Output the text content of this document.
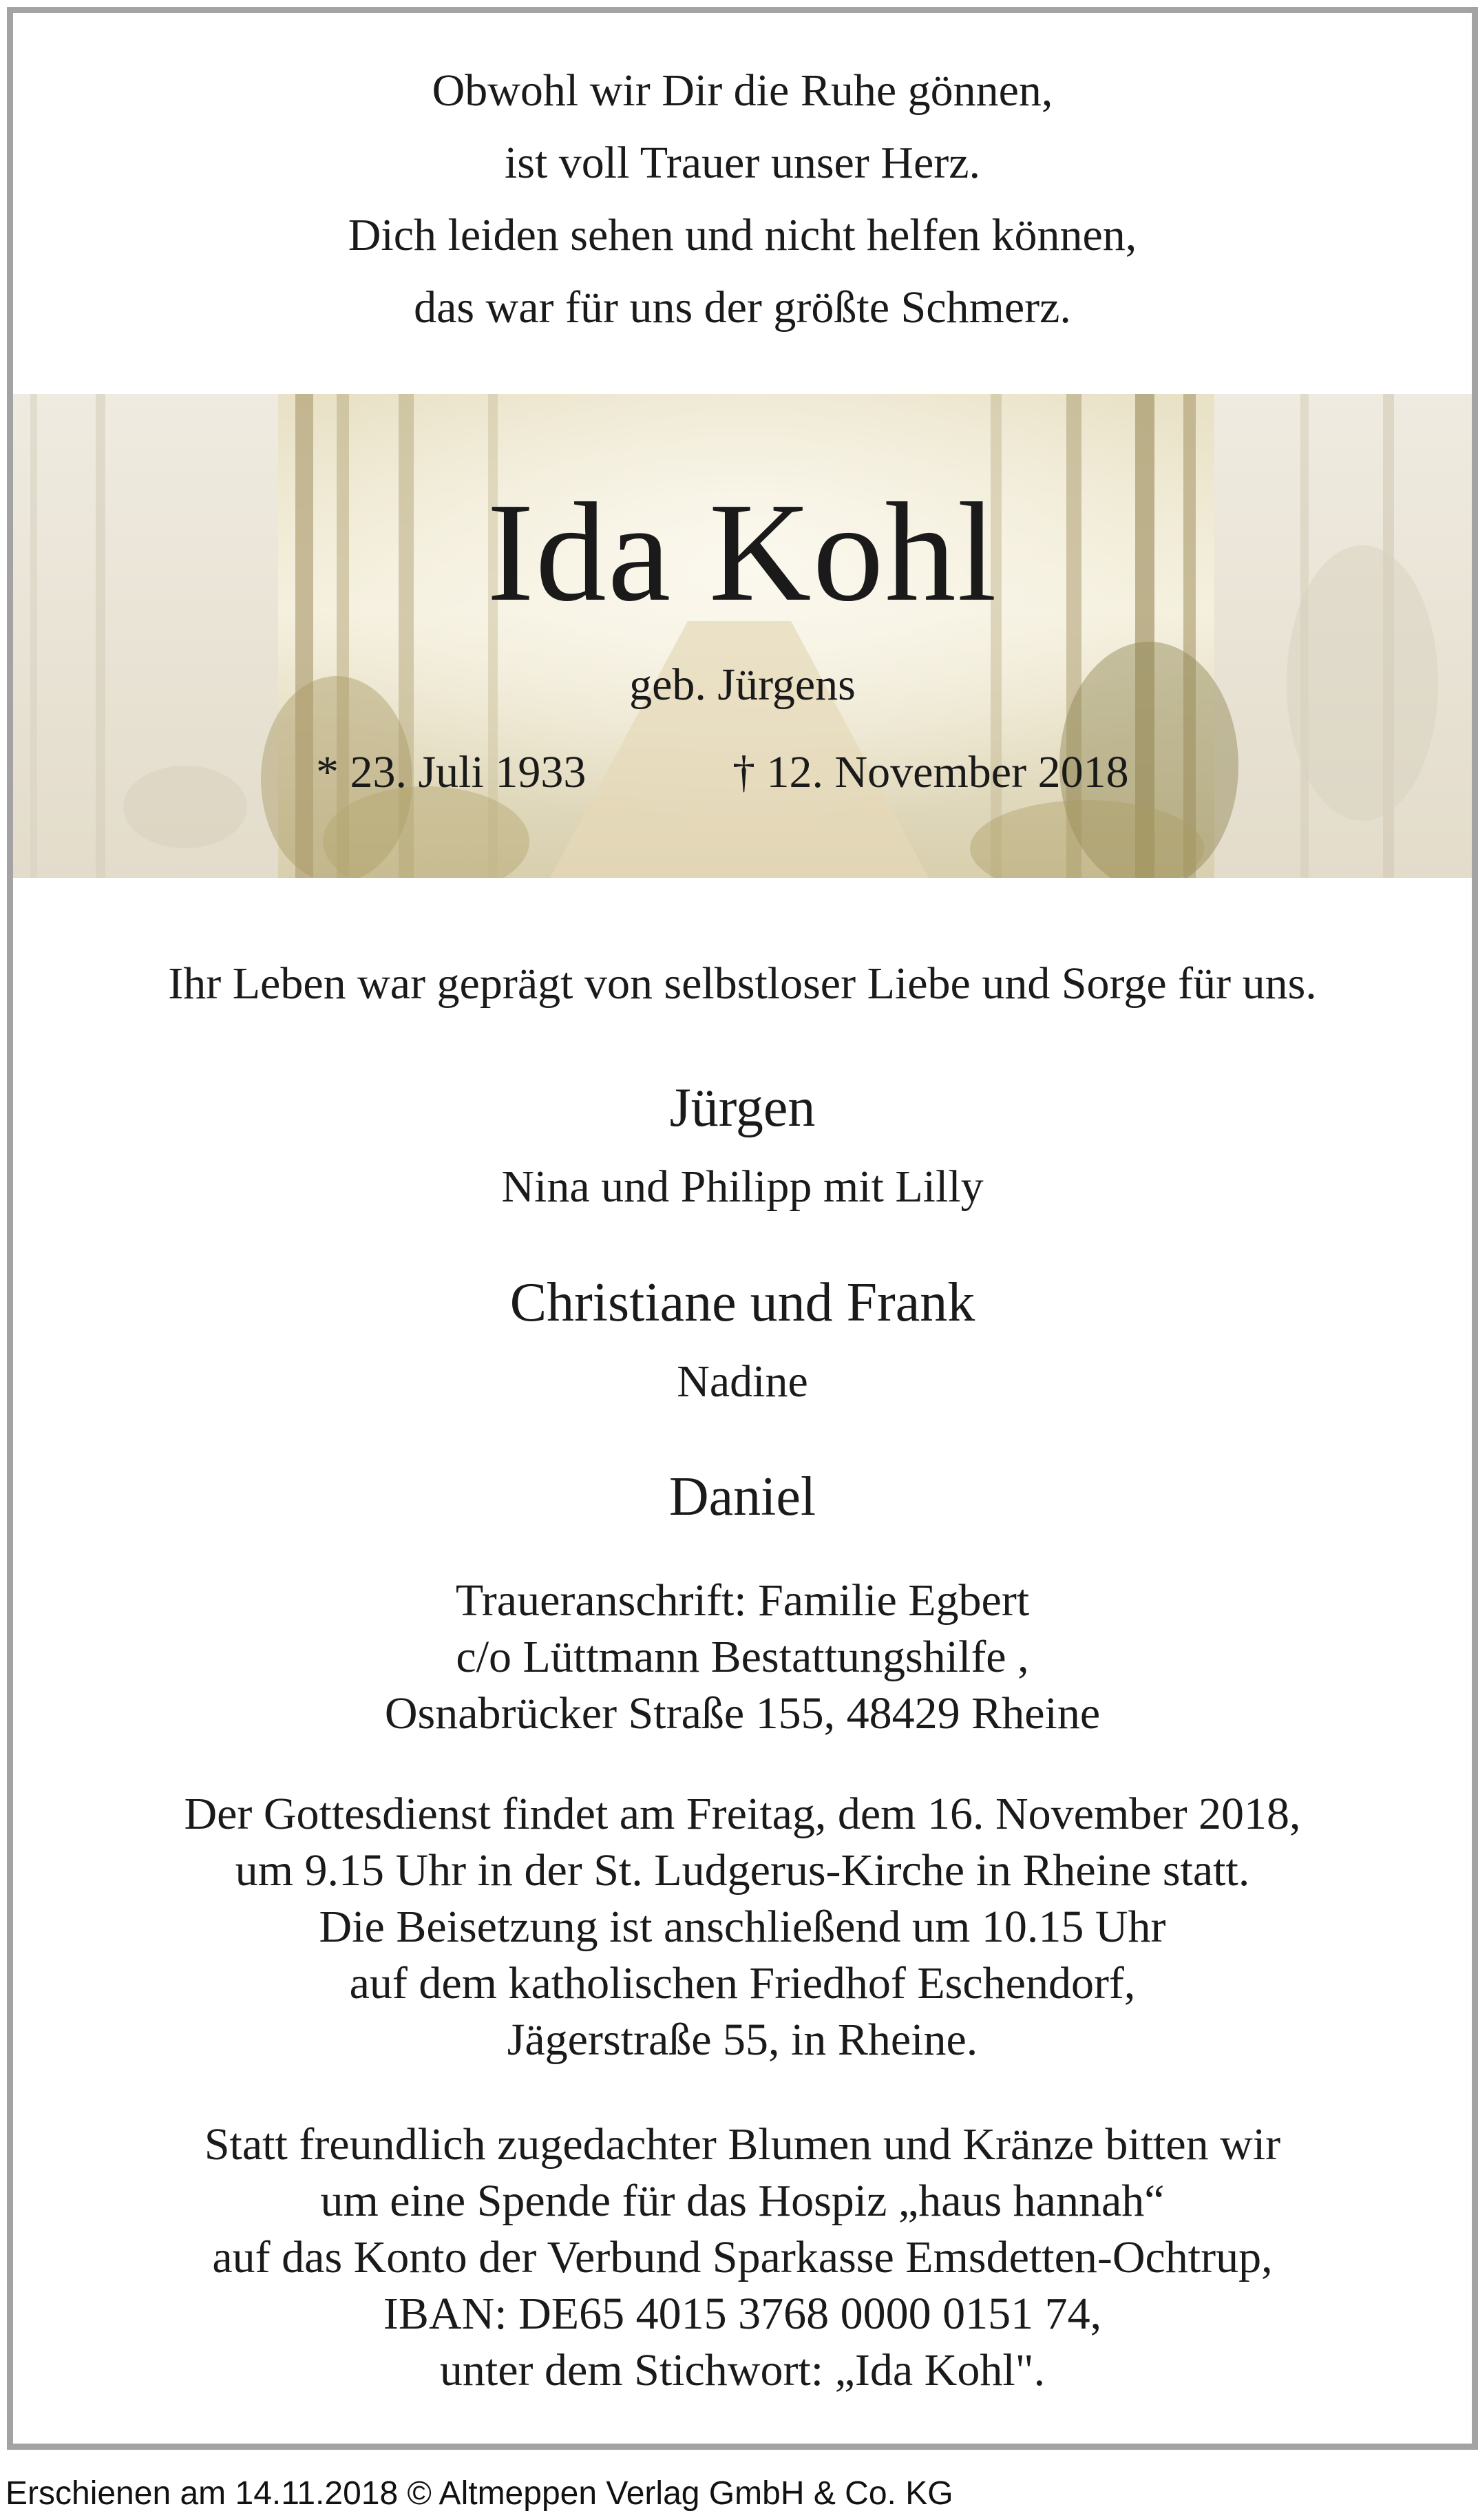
Obwohl wir Dir die Ruhe gönnen,
ist voll Trauer unser Herz.
Dich leiden sehen und nicht helfen können,
das war für uns der größte Schmerz.
Ida Kohl
geb. Jürgens
* 23. Juli 1933	† 12. November 2018
Ihr Leben war geprägt von selbstloser Liebe und Sorge für uns.
Jürgen
Nina und Philipp mit Lilly
Christiane und Frank
Nadine
Daniel
Traueranschrift: Familie Egbert
c/o Lüttmann Bestattungshilfe ,
Osnabrücker Straße 155, 48429 Rheine
Der Gottesdienst findet am Freitag, dem 16. November 2018,
um 9.15 Uhr in der St. Ludgerus-Kirche in Rheine statt.
Die Beisetzung ist anschließend um 10.15 Uhr
auf dem katholischen Friedhof Eschendorf,
Jägerstraße 55, in Rheine.
Statt freundlich zugedachter Blumen und Kränze bitten wir
um eine Spende für das Hospiz „haus hannah“
auf das Konto der Verbund Sparkasse Emsdetten-Ochtrup,
IBAN: DE65 4015 3768 0000 0151 74,
unter dem Stichwort: „Ida Kohl".
Erschienen am 14.11.2018 © Altmeppen Verlag GmbH & Co. KG
